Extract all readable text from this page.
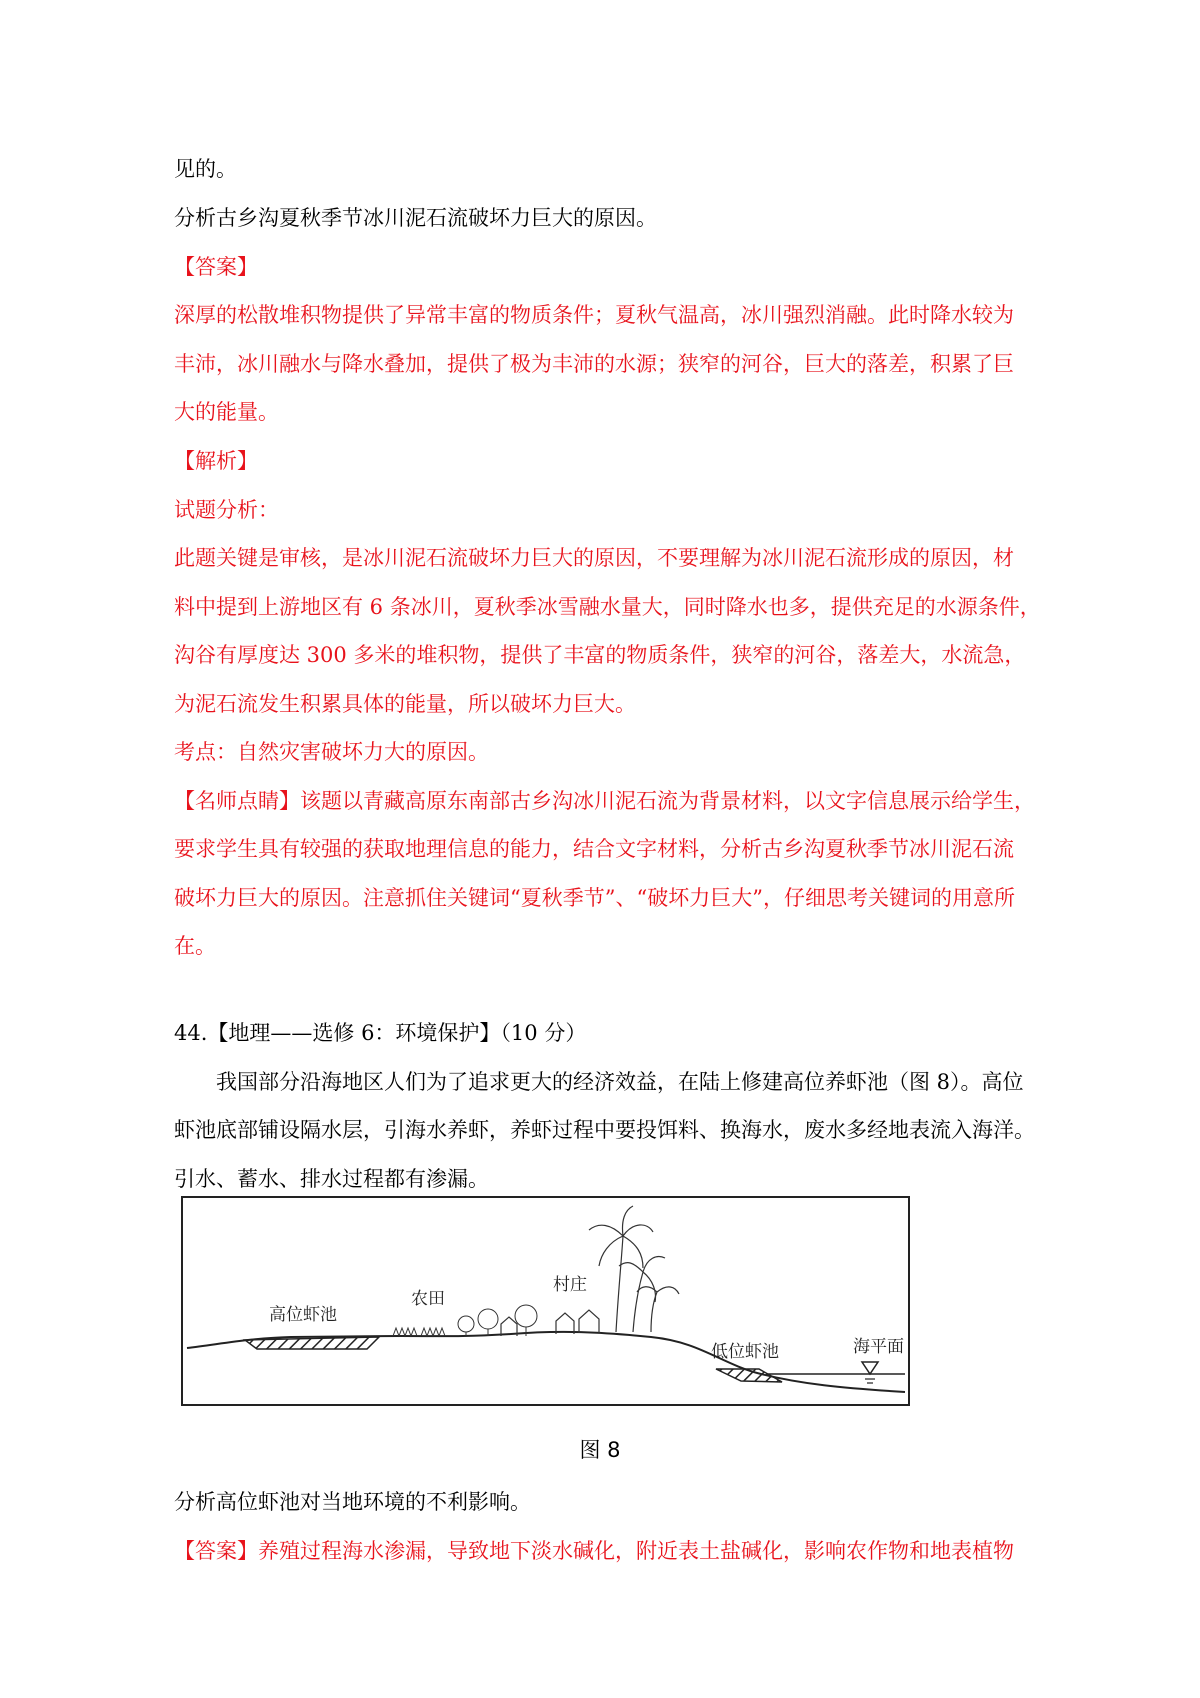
见的。
分析古乡沟夏秋季节冰川泥石流破坏力巨大的原因。
【答案】
深厚的松散堆积物提供了异常丰富的物质条件；夏秋气温高，冰川强烈消融。此时降水较为
丰沛，冰川融水与降水叠加，提供了极为丰沛的水源；狭窄的河谷，巨大的落差，积累了巨
大的能量。
【解析】
试题分析：
此题关键是审核，是冰川泥石流破坏力巨大的原因，不要理解为冰川泥石流形成的原因，材
料中提到上游地区有 6 条冰川，夏秋季冰雪融水量大，同时降水也多，提供充足的水源条件，
沟谷有厚度达 300 多米的堆积物，提供了丰富的物质条件，狭窄的河谷，落差大，水流急，
为泥石流发生积累具体的能量，所以破坏力巨大。
考点：自然灾害破坏力大的原因。
【名师点睛】该题以青藏高原东南部古乡沟冰川泥石流为背景材料，以文字信息展示给学生，
要求学生具有较强的获取地理信息的能力，结合文字材料，分析古乡沟夏秋季节冰川泥石流
破坏力巨大的原因。注意抓住关键词“夏秋季节”、“破坏力巨大”，仔细思考关键词的用意所
在。
44.【地理——选修 6：环境保护】（10 分）
　　我国部分沿海地区人们为了追求更大的经济效益，在陆上修建高位养虾池（图 8）。高位
虾池底部铺设隔水层，引海水养虾，养虾过程中要投饵料、换海水，废水多经地表流入海洋。
引水、蓄水、排水过程都有渗漏。
高位虾池
农田
村庄
低位虾池	海平面
图 8
分析高位虾池对当地环境的不利影响。
【答案】养殖过程海水渗漏，导致地下淡水碱化，附近表土盐碱化，影响农作物和地表植物
